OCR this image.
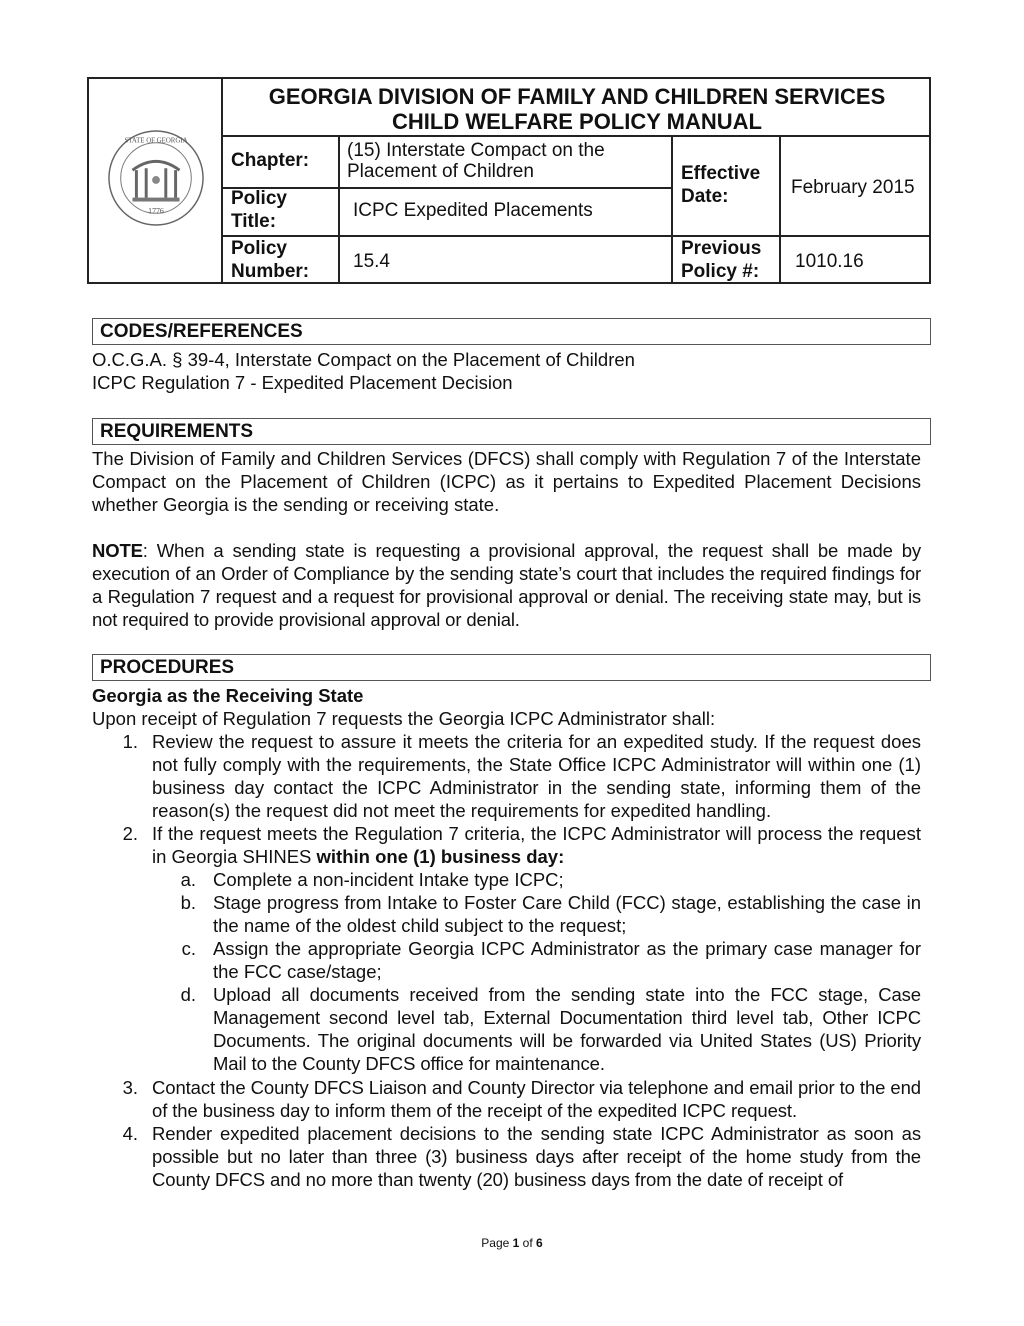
1776
STATE OF GEORGIA
GEORGIA DIVISION OF FAMILY AND CHILDREN SERVICES
CHILD WELFARE POLICY MANUAL
Chapter: (15) Interstate Compact on the Placement of Children	Effective Date:	February 2015
Policy Title:
ICPC Expedited Placements
Policy Number:	15.4
Previous Policy #:	1010.16
CODES/REFERENCES
O.C.G.A. § 39-4, Interstate Compact on the Placement of Children
ICPC Regulation 7 - Expedited Placement Decision
REQUIREMENTS
The Division of Family and Children Services (DFCS) shall comply with Regulation 7 of the Interstate Compact on the Placement of Children (ICPC) as it pertains to Expedited Placement Decisions whether Georgia is the sending or receiving state.
NOTE: When a sending state is requesting a provisional approval, the request shall be made by execution of an Order of Compliance by the sending state’s court that includes the required findings for a Regulation 7 request and a request for provisional approval or denial. The receiving state may, but is not required to provide provisional approval or denial.
PROCEDURES
Georgia as the Receiving State
Upon receipt of Regulation 7 requests the Georgia ICPC Administrator shall:
1. Review the request to assure it meets the criteria for an expedited study. If the request does not fully comply with the requirements, the State Office ICPC Administrator will within one (1) business day contact the ICPC Administrator in the sending state, informing them of the reason(s) the request did not meet the requirements for expedited handling.
2. If the request meets the Regulation 7 criteria, the ICPC Administrator will process the request in Georgia SHINES within one (1) business day:
a. Complete a non-incident Intake type ICPC;
b. Stage progress from Intake to Foster Care Child (FCC) stage, establishing the case in the name of the oldest child subject to the request;
c. Assign the appropriate Georgia ICPC Administrator as the primary case manager for the FCC case/stage;
d. Upload all documents received from the sending state into the FCC stage, Case Management second level tab, External Documentation third level tab, Other ICPC Documents. The original documents will be forwarded via United States (US) Priority Mail to the County DFCS office for maintenance.
3. Contact the County DFCS Liaison and County Director via telephone and email prior to the end of the business day to inform them of the receipt of the expedited ICPC request.
4. Render expedited placement decisions to the sending state ICPC Administrator as soon as possible but no later than three (3) business days after receipt of the home study from the County DFCS and no more than twenty (20) business days from the date of receipt of
Page 1 of 6
